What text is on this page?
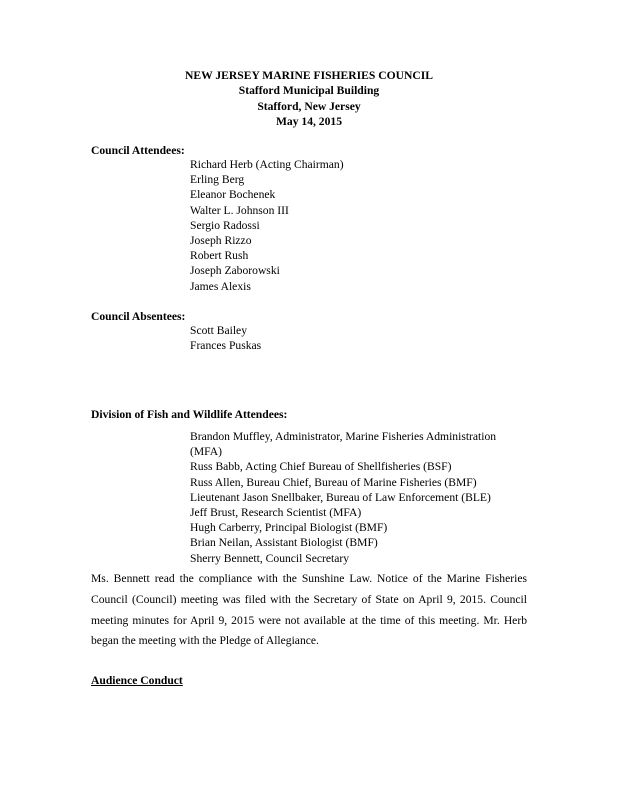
NEW JERSEY MARINE FISHERIES COUNCIL
Stafford Municipal Building
Stafford, New Jersey
May 14, 2015
Council Attendees:
Richard Herb (Acting Chairman)
Erling Berg
Eleanor Bochenek
Walter L. Johnson III
Sergio Radossi
Joseph Rizzo
Robert Rush
Joseph Zaborowski
James Alexis
Council Absentees:
Scott Bailey
Frances Puskas
Division of Fish and Wildlife Attendees:
Brandon Muffley, Administrator, Marine Fisheries Administration (MFA)
Russ Babb, Acting Chief Bureau of Shellfisheries (BSF)
Russ Allen, Bureau Chief, Bureau of Marine Fisheries (BMF)
Lieutenant Jason Snellbaker, Bureau of Law Enforcement (BLE)
Jeff Brust, Research Scientist (MFA)
Hugh Carberry, Principal Biologist (BMF)
Brian Neilan, Assistant Biologist (BMF)
Sherry Bennett, Council Secretary

Ms. Bennett read the compliance with the Sunshine Law. Notice of the Marine Fisheries Council (Council) meeting was filed with the Secretary of State on April 9, 2015. Council meeting minutes for April 9, 2015 were not available at the time of this meeting. Mr. Herb began the meeting with the Pledge of Allegiance.

Audience Conduct
